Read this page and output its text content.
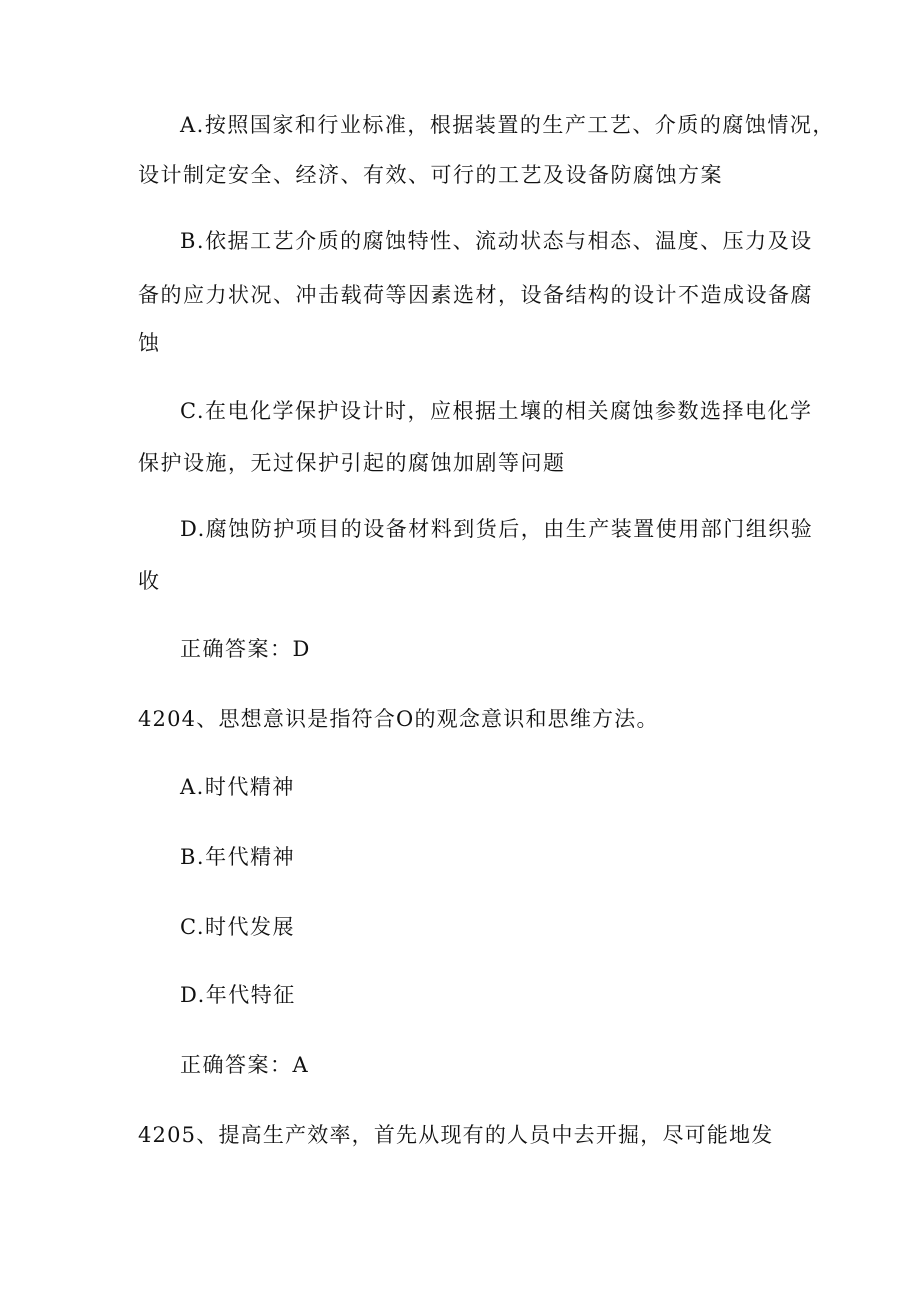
A.按照国家和行业标准，根据装置的生产工艺、介质的腐蚀情况，
设计制定安全、经济、有效、可行的工艺及设备防腐蚀方案
B.依据工艺介质的腐蚀特性、流动状态与相态、温度、压力及设
备的应力状况、冲击载荷等因素选材，设备结构的设计不造成设备腐
蚀
C.在电化学保护设计时，应根据土壤的相关腐蚀参数选择电化学
保护设施，无过保护引起的腐蚀加剧等问题
D.腐蚀防护项目的设备材料到货后，由生产装置使用部门组织验
收
正确答案：D
4204、思想意识是指符合O的观念意识和思维方法。
A.时代精神
B.年代精神
C.时代发展
D.年代特征
正确答案：A
4205、提高生产效率，首先从现有的人员中去开掘，尽可能地发
